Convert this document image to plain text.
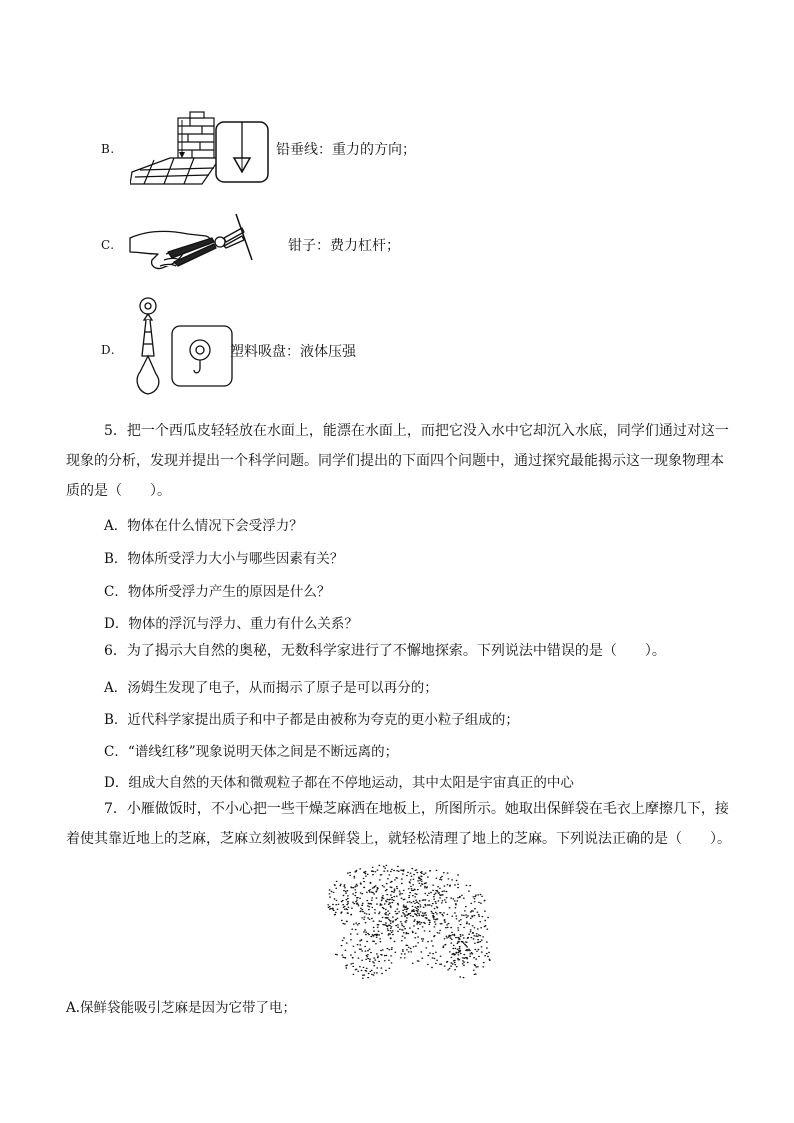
B.	铅垂线：重力的方向；
C.	钳子：费力杠杆；
D.	塑料吸盘：液体压强

5．把一个西瓜皮轻轻放在水面上，能漂在水面上，而把它没入水中它却沉入水底，同学们通过对这一现象的分析，发现并提出一个科学问题。同学们提出的下面四个问题中，通过探究最能揭示这一现象物理本质的是（　　）。

A．物体在什么情况下会受浮力？

B．物体所受浮力大小与哪些因素有关？

C．物体所受浮力产生的原因是什么？

D．物体的浮沉与浮力、重力有什么关系？

6．为了揭示大自然的奥秘，无数科学家进行了不懈地探索。下列说法中错误的是（　　）。

A．汤姆生发现了电子，从而揭示了原子是可以再分的；

B．近代科学家提出质子和中子都是由被称为夸克的更小粒子组成的；

C．“谱线红移”现象说明天体之间是不断远离的；

D．组成大自然的天体和微观粒子都在不停地运动，其中太阳是宇宙真正的中心

7．小雁做饭时，不小心把一些干燥芝麻洒在地板上，所图所示。她取出保鲜袋在毛衣上摩擦几下，接着使其靠近地上的芝麻，芝麻立刻被吸到保鲜袋上，就轻松清理了地上的芝麻。下列说法正确的是（　　）。

A.保鲜袋能吸引芝麻是因为它带了电；
